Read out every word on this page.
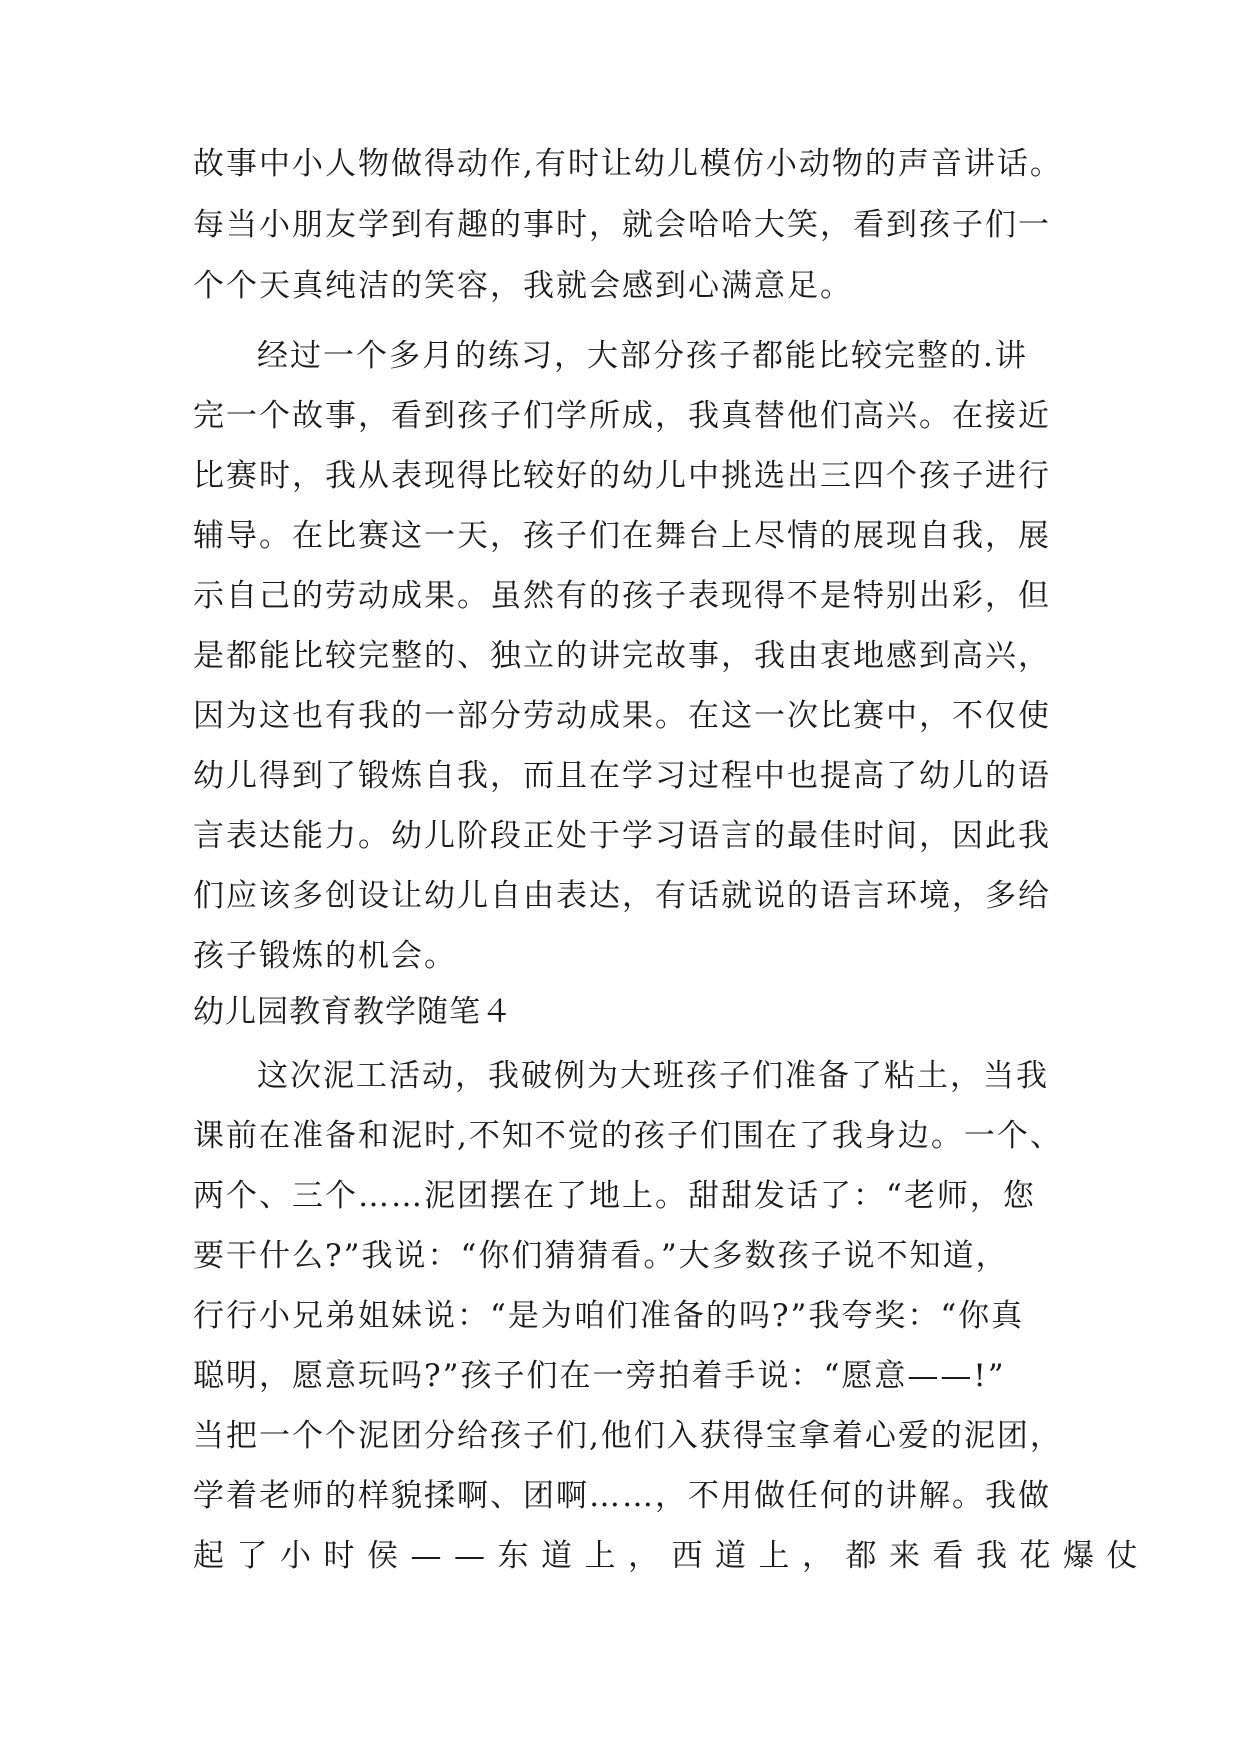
故事中小人物做得动作,有时让幼儿模仿小动物的声音讲话。
每当小朋友学到有趣的事时，就会哈哈大笑，看到孩子们一
个个天真纯洁的笑容，我就会感到心满意足。
经过一个多月的练习，大部分孩子都能比较完整的.讲
完一个故事，看到孩子们学所成，我真替他们高兴。在接近
比赛时，我从表现得比较好的幼儿中挑选出三四个孩子进行
辅导。在比赛这一天，孩子们在舞台上尽情的展现自我，展
示自己的劳动成果。虽然有的孩子表现得不是特别出彩，但
是都能比较完整的、独立的讲完故事，我由衷地感到高兴，
因为这也有我的一部分劳动成果。在这一次比赛中，不仅使
幼儿得到了锻炼自我，而且在学习过程中也提高了幼儿的语
言表达能力。幼儿阶段正处于学习语言的最佳时间，因此我
们应该多创设让幼儿自由表达，有话就说的语言环境，多给
孩子锻炼的机会。
幼儿园教育教学随笔４
这次泥工活动，我破例为大班孩子们准备了粘土，当我
课前在准备和泥时,不知不觉的孩子们围在了我身边。一个、
两个、三个……泥团摆在了地上。甜甜发话了：“老师，您
要干什么?”我说：“你们猜猜看。”大多数孩子说不知道，
行行小兄弟姐妹说：“是为咱们准备的吗?”我夸奖：“你真
聪明，愿意玩吗?”孩子们在一旁拍着手说：“愿意——!”
当把一个个泥团分给孩子们,他们入获得宝拿着心爱的泥团，
学着老师的样貌揉啊、团啊……，不用做任何的讲解。我做
起了小时侯——东道上，西道上，都来看我花爆仗
